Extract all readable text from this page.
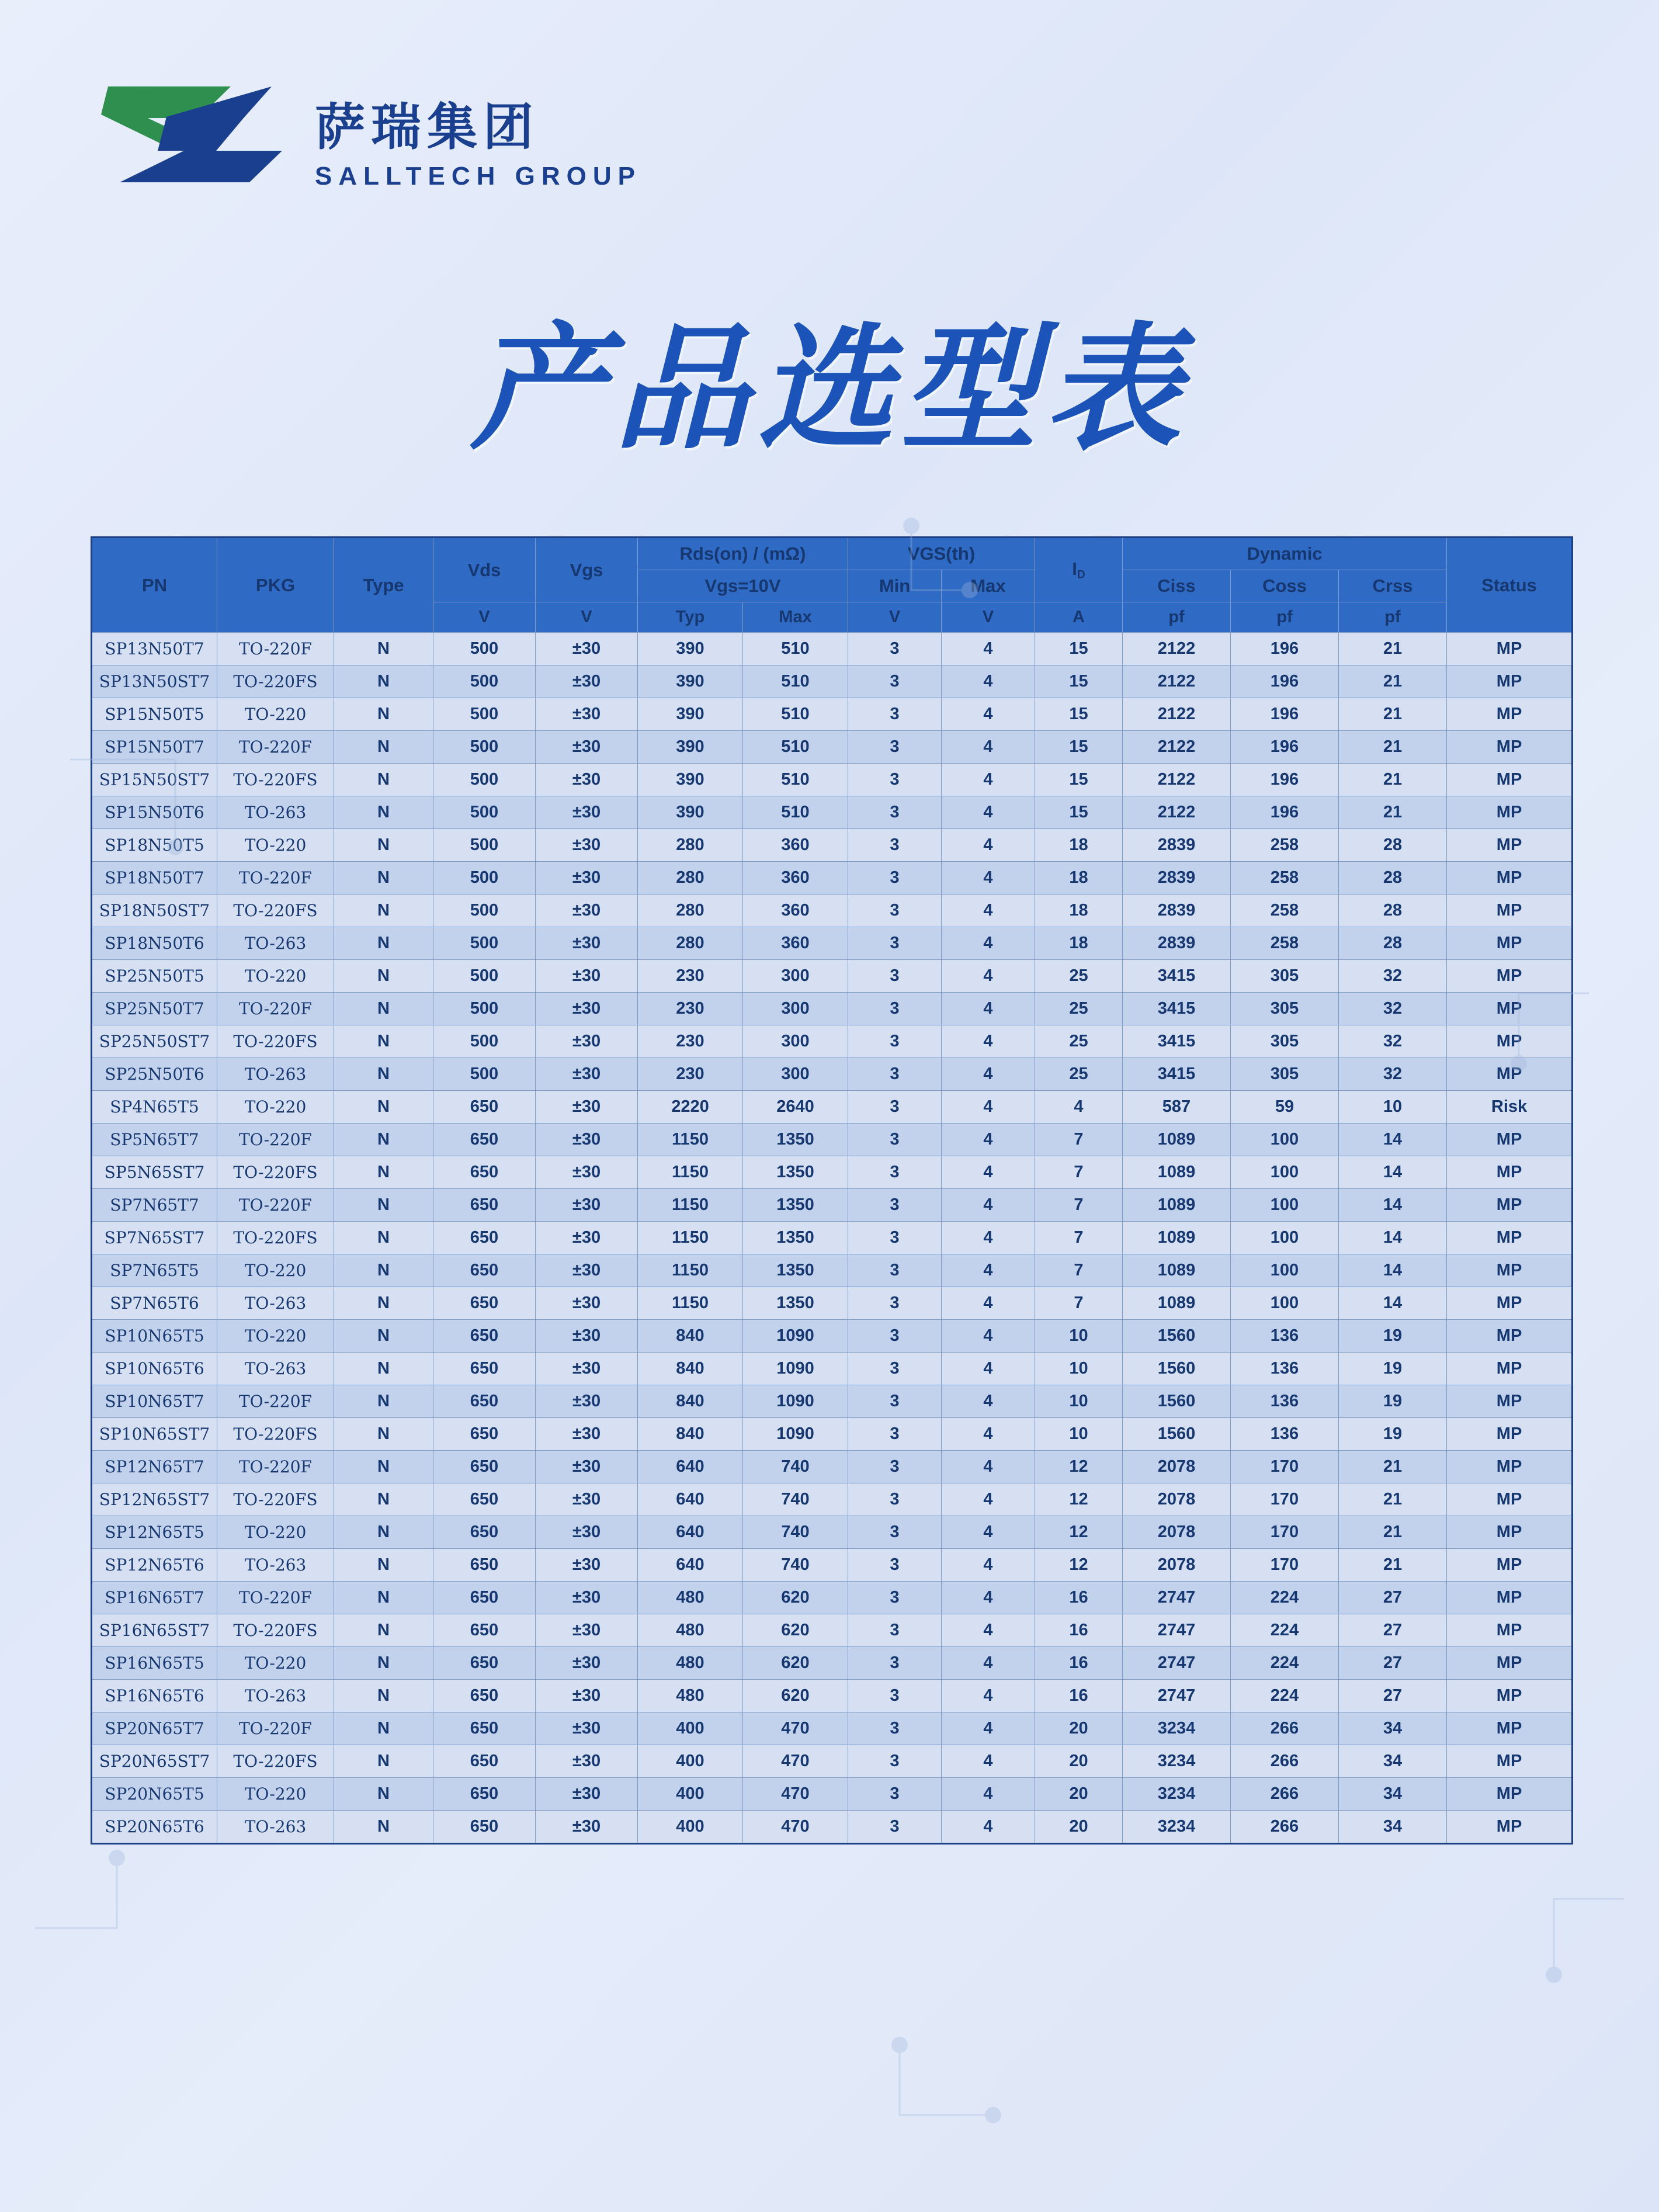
萨瑞集团
SALLTECH GROUP
产品选型表
PN	PKG	Type	Vds	Vgs	Rds(on) / (mΩ)		VGS(th)		ID	Dynamic			Status
					Vgs=10V		Min	Max		Ciss	Coss	Crss	
			V	V	Typ	Max	V	V	A	pf	pf	pf	
SP13N50T7	TO-220F	N	500	±30	390	510	3	4	15	2122	196	21	MP
SP13N50ST7	TO-220FS	N	500	±30	390	510	3	4	15	2122	196	21	MP
SP15N50T5	TO-220	N	500	±30	390	510	3	4	15	2122	196	21	MP
SP15N50T7	TO-220F	N	500	±30	390	510	3	4	15	2122	196	21	MP
SP15N50ST7	TO-220FS	N	500	±30	390	510	3	4	15	2122	196	21	MP
SP15N50T6	TO-263	N	500	±30	390	510	3	4	15	2122	196	21	MP
SP18N50T5	TO-220	N	500	±30	280	360	3	4	18	2839	258	28	MP
SP18N50T7	TO-220F	N	500	±30	280	360	3	4	18	2839	258	28	MP
SP18N50ST7	TO-220FS	N	500	±30	280	360	3	4	18	2839	258	28	MP
SP18N50T6	TO-263	N	500	±30	280	360	3	4	18	2839	258	28	MP
SP25N50T5	TO-220	N	500	±30	230	300	3	4	25	3415	305	32	MP
SP25N50T7	TO-220F	N	500	±30	230	300	3	4	25	3415	305	32	MP
SP25N50ST7	TO-220FS	N	500	±30	230	300	3	4	25	3415	305	32	MP
SP25N50T6	TO-263	N	500	±30	230	300	3	4	25	3415	305	32	MP
SP4N65T5	TO-220	N	650	±30	2220	2640	3	4	4	587	59	10	Risk
SP5N65T7	TO-220F	N	650	±30	1150	1350	3	4	7	1089	100	14	MP
SP5N65ST7	TO-220FS	N	650	±30	1150	1350	3	4	7	1089	100	14	MP
SP7N65T7	TO-220F	N	650	±30	1150	1350	3	4	7	1089	100	14	MP
SP7N65ST7	TO-220FS	N	650	±30	1150	1350	3	4	7	1089	100	14	MP
SP7N65T5	TO-220	N	650	±30	1150	1350	3	4	7	1089	100	14	MP
SP7N65T6	TO-263	N	650	±30	1150	1350	3	4	7	1089	100	14	MP
SP10N65T5	TO-220	N	650	±30	840	1090	3	4	10	1560	136	19	MP
SP10N65T6	TO-263	N	650	±30	840	1090	3	4	10	1560	136	19	MP
SP10N65T7	TO-220F	N	650	±30	840	1090	3	4	10	1560	136	19	MP
SP10N65ST7	TO-220FS	N	650	±30	840	1090	3	4	10	1560	136	19	MP
SP12N65T7	TO-220F	N	650	±30	640	740	3	4	12	2078	170	21	MP
SP12N65ST7	TO-220FS	N	650	±30	640	740	3	4	12	2078	170	21	MP
SP12N65T5	TO-220	N	650	±30	640	740	3	4	12	2078	170	21	MP
SP12N65T6	TO-263	N	650	±30	640	740	3	4	12	2078	170	21	MP
SP16N65T7	TO-220F	N	650	±30	480	620	3	4	16	2747	224	27	MP
SP16N65ST7	TO-220FS	N	650	±30	480	620	3	4	16	2747	224	27	MP
SP16N65T5	TO-220	N	650	±30	480	620	3	4	16	2747	224	27	MP
SP16N65T6	TO-263	N	650	±30	480	620	3	4	16	2747	224	27	MP
SP20N65T7	TO-220F	N	650	±30	400	470	3	4	20	3234	266	34	MP
SP20N65ST7	TO-220FS	N	650	±30	400	470	3	4	20	3234	266	34	MP
SP20N65T5	TO-220	N	650	±30	400	470	3	4	20	3234	266	34	MP
SP20N65T6	TO-263	N	650	±30	400	470	3	4	20	3234	266	34	MP
